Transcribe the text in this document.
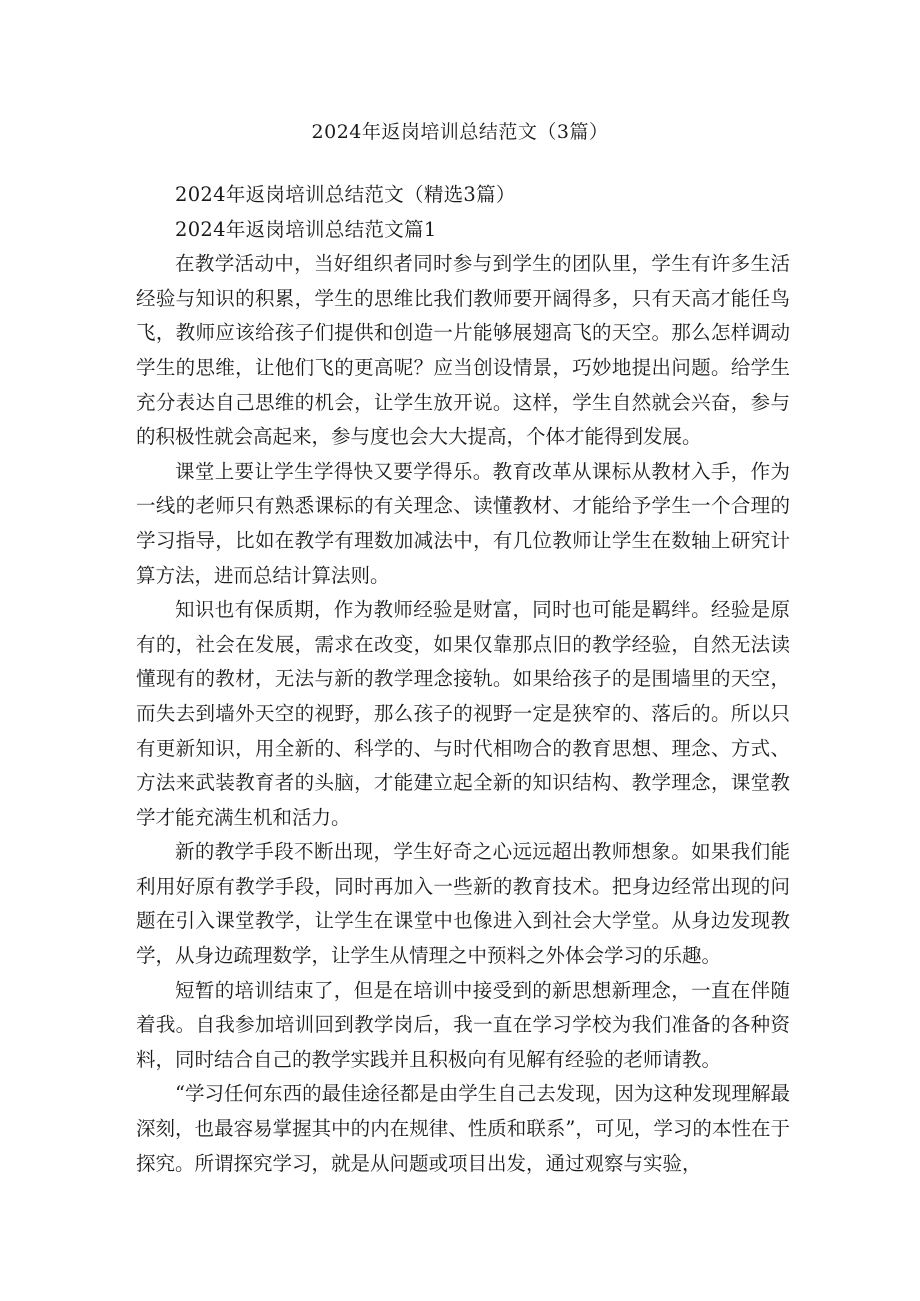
2024年返岗培训总结范文（3篇）

2024年返岗培训总结范文（精选3篇）

2024年返岗培训总结范文篇1

在教学活动中，当好组织者同时参与到学生的团队里，学生有许多生活经验与知识的积累，学生的思维比我们教师要开阔得多，只有天高才能任鸟飞，教师应该给孩子们提供和创造一片能够展翅高飞的天空。那么怎样调动学生的思维，让他们飞的更高呢？应当创设情景，巧妙地提出问题。给学生充分表达自己思维的机会，让学生放开说。这样，学生自然就会兴奋，参与的积极性就会高起来，参与度也会大大提高，个体才能得到发展。

课堂上要让学生学得快又要学得乐。教育改革从课标从教材入手，作为一线的老师只有熟悉课标的有关理念、读懂教材、才能给予学生一个合理的学习指导，比如在教学有理数加减法中，有几位教师让学生在数轴上研究计算方法，进而总结计算法则。

知识也有保质期，作为教师经验是财富，同时也可能是羁绊。经验是原有的，社会在发展，需求在改变，如果仅靠那点旧的教学经验，自然无法读懂现有的教材，无法与新的教学理念接轨。如果给孩子的是围墙里的天空，而失去到墙外天空的视野，那么孩子的视野一定是狭窄的、落后的。所以只有更新知识，用全新的、科学的、与时代相吻合的教育思想、理念、方式、方法来武装教育者的头脑，才能建立起全新的知识结构、教学理念，课堂教学才能充满生机和活力。

新的教学手段不断出现，学生好奇之心远远超出教师想象。如果我们能利用好原有教学手段，同时再加入一些新的教育技术。把身边经常出现的问题在引入课堂教学，让学生在课堂中也像进入到社会大学堂。从身边发现教学，从身边疏理数学，让学生从情理之中预料之外体会学习的乐趣。

短暂的培训结束了，但是在培训中接受到的新思想新理念，一直在伴随着我。自我参加培训回到教学岗后，我一直在学习学校为我们准备的各种资料，同时结合自己的教学实践并且积极向有见解有经验的老师请教。

“学习任何东西的最佳途径都是由学生自己去发现，因为这种发现理解最深刻，也最容易掌握其中的内在规律、性质和联系”，可见，学习的本性在于探究。所谓探究学习，就是从问题或项目出发，通过观察与实验，
